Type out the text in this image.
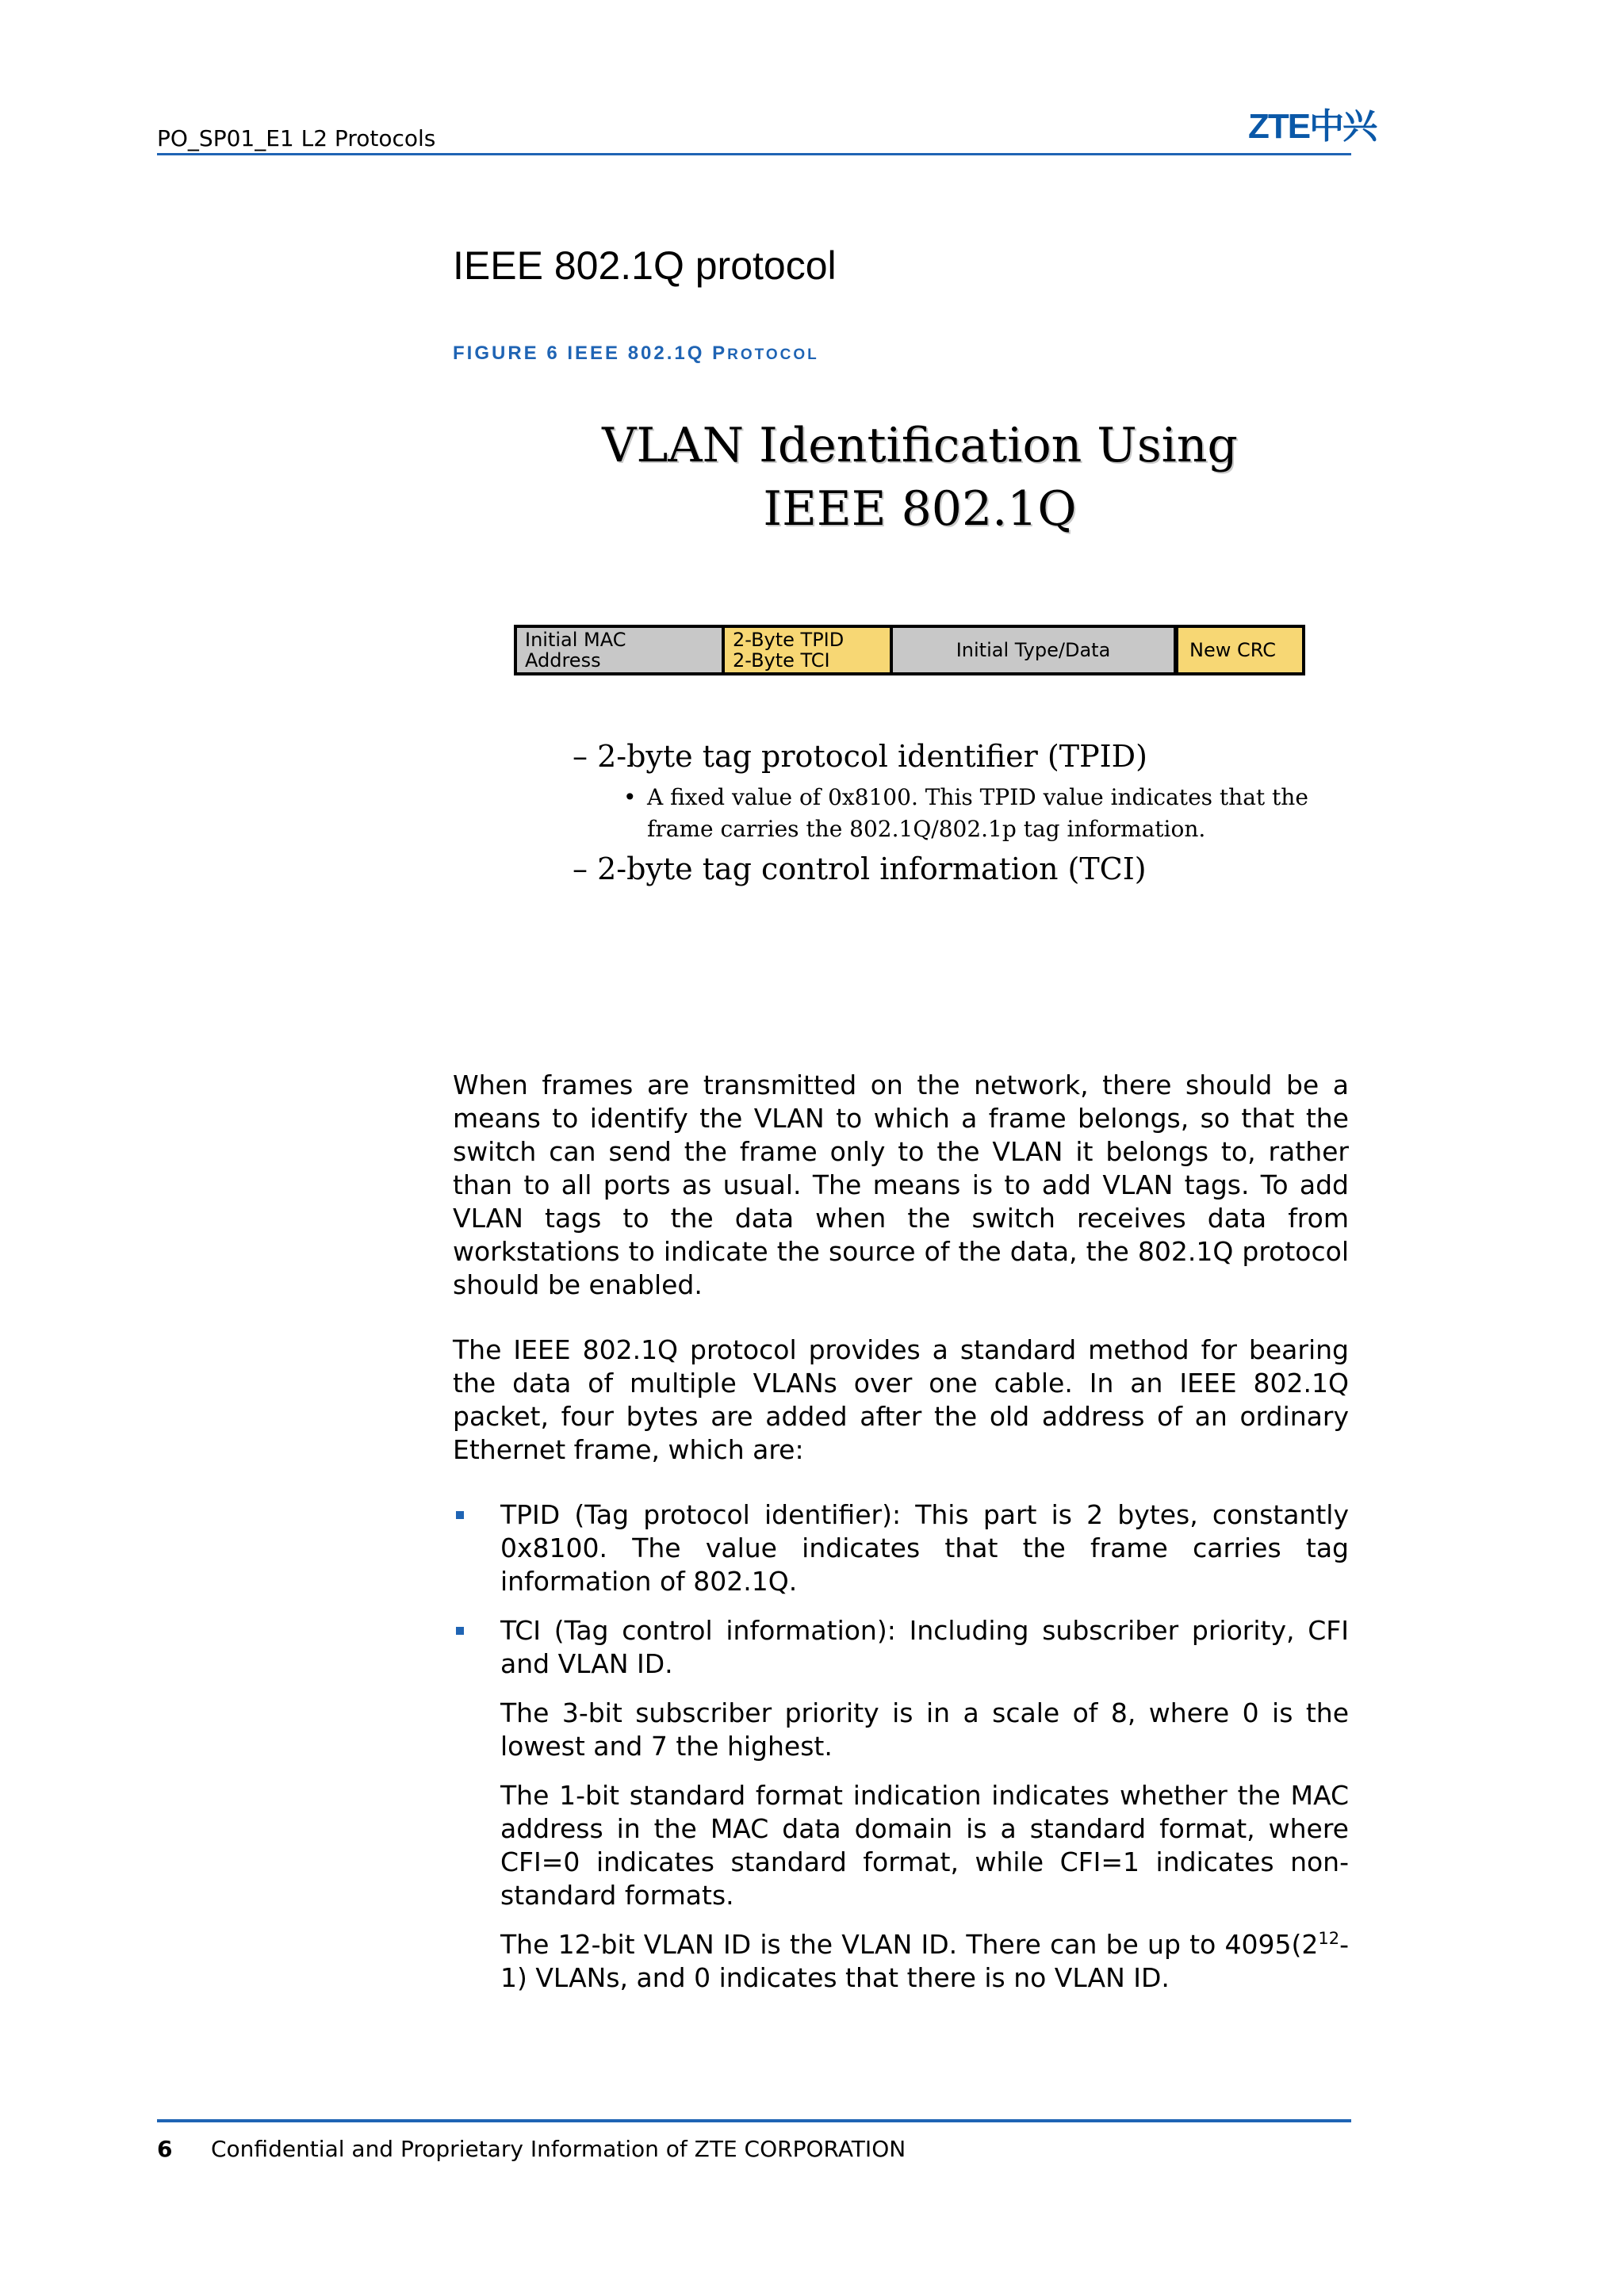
PO_SP01_E1 L2 Protocols	ZTE中兴
IEEE 802.1Q protocol
FIGURE 6 IEEE 802.1Q PROTOCOL
VLAN Identification Using
IEEE 802.1Q
Initial MAC
Address
2-Byte TPID
2-Byte TCI	Initial Type/Data	New CRC
– 2-byte tag protocol identifier (TPID)
• A fixed value of 0x8100. This TPID value indicates that the frame carries the 802.1Q/802.1p tag information.
– 2-byte tag control information (TCI)
When frames are transmitted on the network, there should be a means to identify the VLAN to which a frame belongs, so that the switch can send the frame only to the VLAN it belongs to, rather than to all ports as usual. The means is to add VLAN tags. To add VLAN tags to the data when the switch receives data from workstations to indicate the source of the data, the 802.1Q protocol should be enabled.
The IEEE 802.1Q protocol provides a standard method for bearing the data of multiple VLANs over one cable. In an IEEE 802.1Q packet, four bytes are added after the old address of an ordinary Ethernet frame, which are:
TPID (Tag protocol identifier): This part is 2 bytes, constantly 0x8100. The value indicates that the frame carries tag information of 802.1Q.
TCI (Tag control information): Including subscriber priority, CFI and VLAN ID.
The 3-bit subscriber priority is in a scale of 8, where 0 is the lowest and 7 the highest.
The 1-bit standard format indication indicates whether the MAC address in the MAC data domain is a standard format, where CFI=0 indicates standard format, while CFI=1 indicates non-standard formats.
The 12-bit VLAN ID is the VLAN ID. There can be up to $4095(2^{12}-1)$ VLANs, and 0 indicates that there is no VLAN ID.
6 Confidential and Proprietary Information of ZTE CORPORATION
